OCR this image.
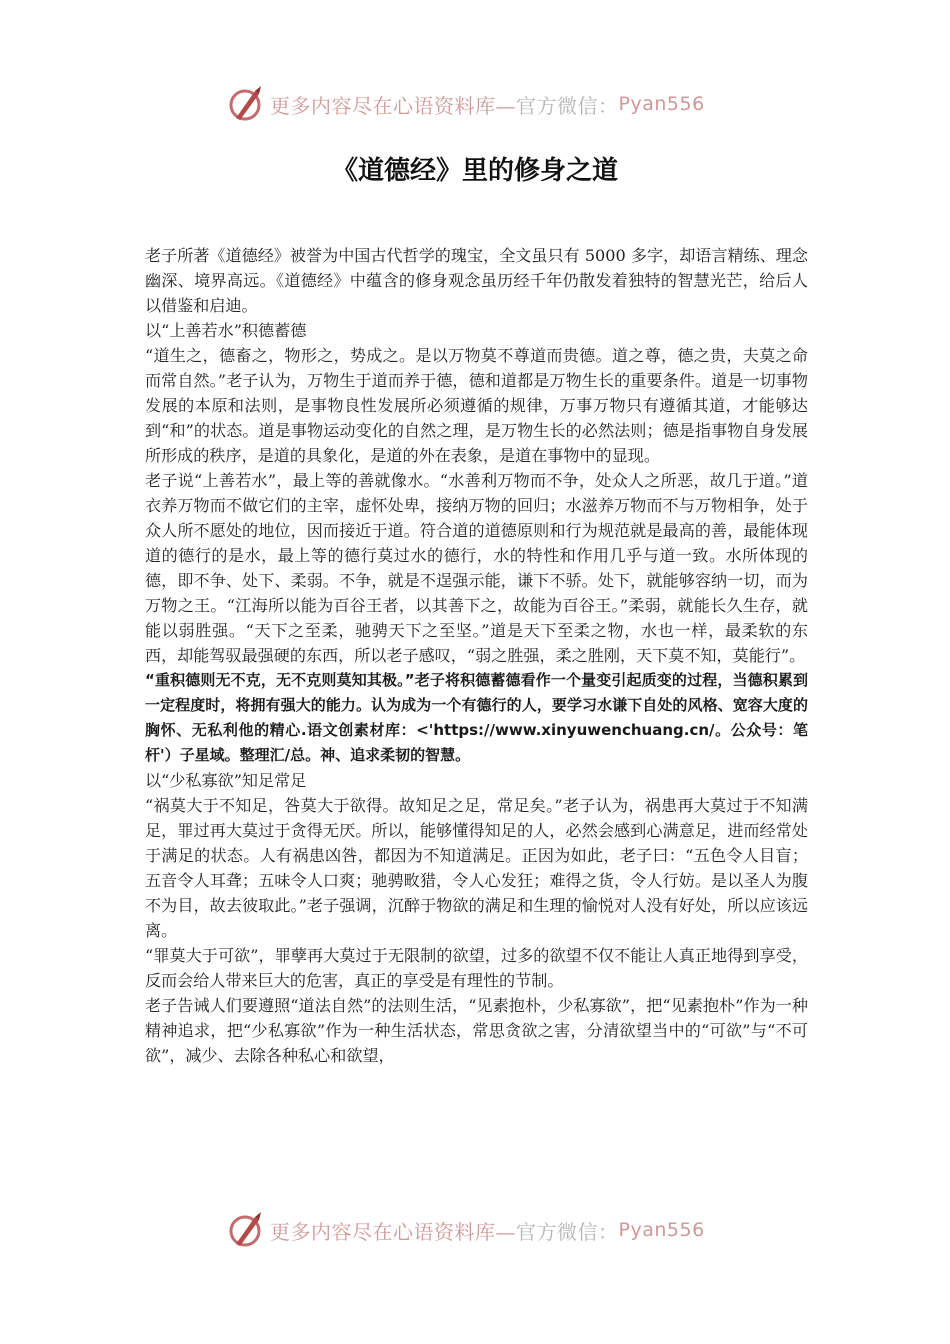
更多内容尽在心语资料库— 官方微信： Pyan556
《道德经》里的修身之道

老子所著《道德经》被誉为中国古代哲学的瑰宝，全文虽只有 5000 多字，却语言精练、理念幽深、境界高远。《道德经》中蕴含的修身观念虽历经千年仍散发着独特的智慧光芒，给后人以借鉴和启迪。

以“上善若水”积德蓄德

“道生之，德畜之，物形之，势成之。是以万物莫不尊道而贵德。道之尊，德之贵，夫莫之命而常自然。”老子认为，万物生于道而养于德，德和道都是万物生长的重要条件。道是一切事物发展的本原和法则，是事物良性发展所必须遵循的规律，万事万物只有遵循其道，才能够达到“和”的状态。道是事物运动变化的自然之理，是万物生长的必然法则；德是指事物自身发展所形成的秩序，是道的具象化，是道的外在表象，是道在事物中的显现。

老子说“上善若水”，最上等的善就像水。“水善利万物而不争，处众人之所恶，故几于道。”道衣养万物而不做它们的主宰，虚怀处卑，接纳万物的回归；水滋养万物而不与万物相争，处于众人所不愿处的地位，因而接近于道。符合道的道德原则和行为规范就是最高的善，最能体现道的德行的是水，最上等的德行莫过水的德行，水的特性和作用几乎与道一致。水所体现的德，即不争、处下、柔弱。不争，就是不逞强示能，谦下不骄。处下，就能够容纳一切，而为万物之王。“江海所以能为百谷王者，以其善下之，故能为百谷王。”柔弱，就能长久生存，就能以弱胜强。“天下之至柔，驰骋天下之至坚。”道是天下至柔之物，水也一样，最柔软的东西，却能驾驭最强硬的东西，所以老子感叹，“弱之胜强，柔之胜刚，天下莫不知，莫能行”。

“重积德则无不克，无不克则莫知其极。”老子将积德蓄德看作一个量变引起质变的过程，当德积累到一定程度时，将拥有强大的能力。认为成为一个有德行的人，要学习水谦下自处的风格、宽容大度的胸怀、无私利他的精心.语文创素材库：<'https://www.xinyuwenchuang.cn/。公众号：笔杆'）子星域。整理汇/总。神、追求柔韧的智慧。

以“少私寡欲”知足常足

“祸莫大于不知足，咎莫大于欲得。故知足之足，常足矣。”老子认为，祸患再大莫过于不知满足，罪过再大莫过于贪得无厌。所以，能够懂得知足的人，必然会感到心满意足，进而经常处于满足的状态。人有祸患凶咎，都因为不知道满足。正因为如此，老子曰：“五色令人目盲；五音令人耳聋；五味令人口爽；驰骋畋猎，令人心发狂；难得之货，令人行妨。是以圣人为腹不为目，故去彼取此。”老子强调，沉醉于物欲的满足和生理的愉悦对人没有好处，所以应该远离。

“罪莫大于可欲”，罪孽再大莫过于无限制的欲望，过多的欲望不仅不能让人真正地得到享受，反而会给人带来巨大的危害，真正的享受是有理性的节制。

老子告诫人们要遵照“道法自然”的法则生活，“见素抱朴，少私寡欲”，把“见素抱朴”作为一种精神追求，把“少私寡欲”作为一种生活状态，常思贪欲之害，分清欲望当中的“可欲”与“不可欲”，减少、去除各种私心和欲望，

更多内容尽在心语资料库— 官方微信： Pyan556
